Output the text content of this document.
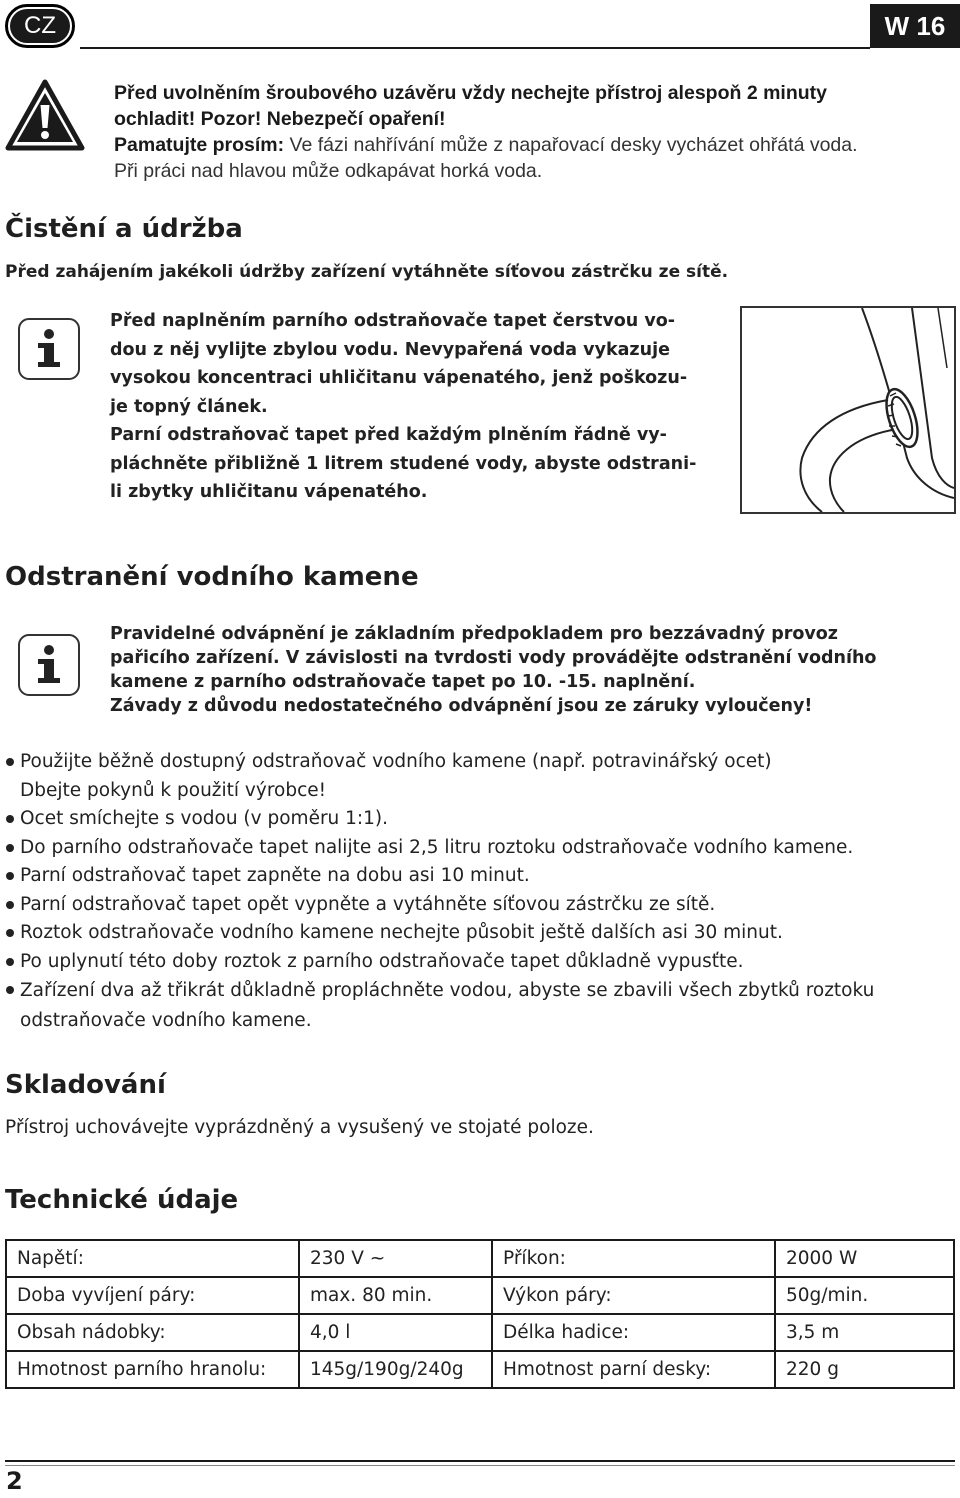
CZ	W 16
Před uvolněním šroubového uzávěru vždy nechejte přístroj alespoň 2 minuty
ochladit! Pozor! Nebezpečí opaření!
Pamatujte prosím: Ve fázi nahřívání může z napařovací desky vycházet ohřátá voda.
Při práci nad hlavou může odkapávat horká voda.
Čistění a údržba
Před zahájením jakékoli údržby zařízení vytáhněte síťovou zástrčku ze sítě.
Před naplněním parního odstraňovače tapet čerstvou vo-
dou z něj vylijte zbylou vodu. Nevypařená voda vykazuje
vysokou koncentraci uhličitanu vápenatého, jenž poškozu-
je topný článek.
Parní odstraňovač tapet před každým plněním řádně vy-
pláchněte přibližně 1 litrem studené vody, abyste odstrani-
li zbytky uhličitanu vápenatého.
Odstranění vodního kamene
Pravidelné odvápnění je základním předpokladem pro bezzávadný provoz
pařicího zařízení. V závislosti na tvrdosti vody provádějte odstranění vodního
kamene z parního odstraňovače tapet po 10. -15. naplnění.
Závady z důvodu nedostatečného odvápnění jsou ze záruky vyloučeny!
Použijte běžně dostupný odstraňovač vodního kamene (např. potravinářský ocet)
Dbejte pokynů k použití výrobce!
Ocet smíchejte s vodou (v poměru 1:1).
Do parního odstraňovače tapet nalijte asi 2,5 litru roztoku odstraňovače vodního kamene.
Parní odstraňovač tapet zapněte na dobu asi 10 minut.
Parní odstraňovač tapet opět vypněte a vytáhněte síťovou zástrčku ze sítě.
Roztok odstraňovače vodního kamene nechejte působit ještě dalších asi 30 minut.
Po uplynutí této doby roztok z parního odstraňovače tapet důkladně vypusťte.
Zařízení dva až třikrát důkladně propláchněte vodou, abyste se zbavili všech zbytků roztoku
odstraňovače vodního kamene.
Skladování
Přístroj uchovávejte vyprázdněný a vysušený ve stojaté poloze.
Technické údaje
Napětí:	230 V ~	Příkon:	2000 W
Doba vyvíjení páry:	max. 80 min.	Výkon páry:	50g/min.
Obsah nádobky:	4,0 l	Délka hadice:	3,5 m
Hmotnost parního hranolu:	145g/190g/240g	Hmotnost parní desky:	220 g
2
